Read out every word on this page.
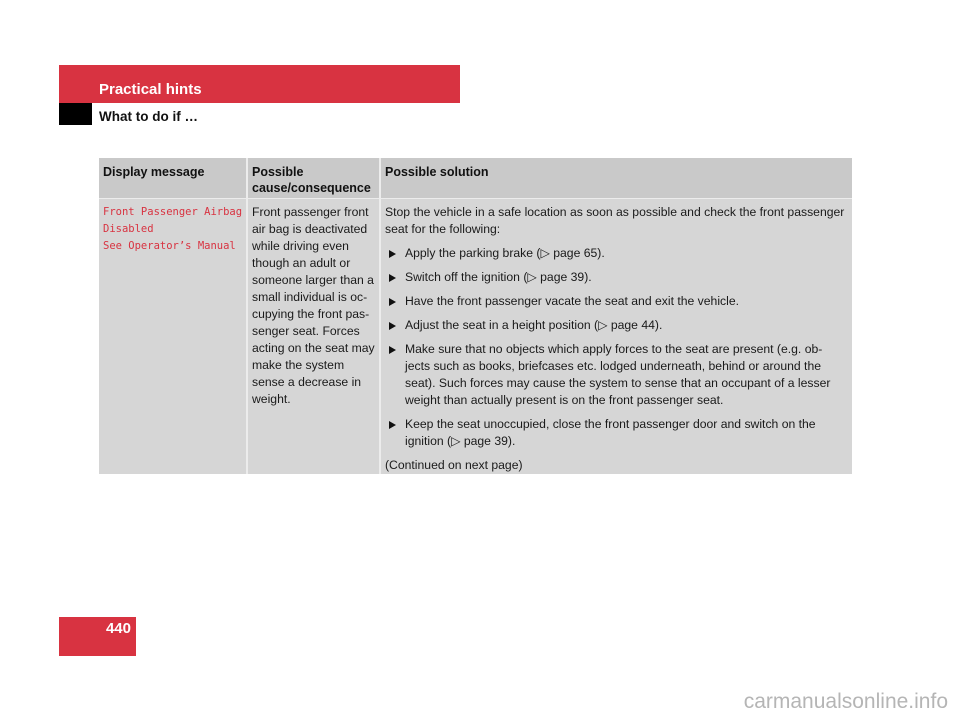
Practical hints
What to do if …
Display message	Possible cause/consequence
Possible solution
Front Passenger Airbag
Disabled
See Operator’s Manual
Front passenger front air bag is deactivated while driving even though an adult or someone larger than a small individual is oc-cupying the front pas-senger seat. Forces acting on the seat may make the system sense a decrease in weight.

Stop the vehicle in a safe location as soon as possible and check the front passenger seat for the following:

Apply the parking brake (▷ page 65).
Switch off the ignition (▷ page 39).
Have the front passenger vacate the seat and exit the vehicle.
Adjust the seat in a height position (▷ page 44).
Make sure that no objects which apply forces to the seat are present (e.g. ob-jects such as books, briefcases etc. lodged underneath, behind or around the seat). Such forces may cause the system to sense that an occupant of a lesser weight than actually present is on the front passenger seat.
Keep the seat unoccupied, close the front passenger door and switch on the ignition (▷ page 39).

(Continued on next page)

440
carmanualsonline.info
